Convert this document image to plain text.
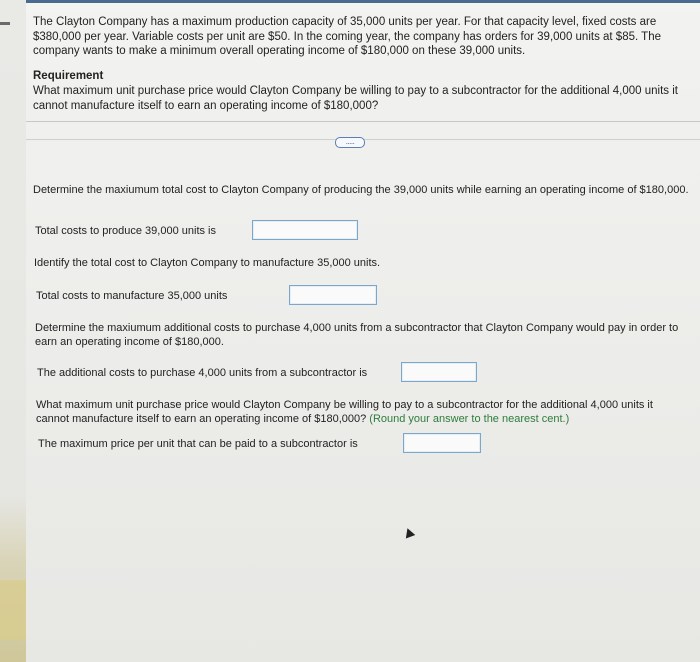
The Clayton Company has a maximum production capacity of 35,000 units per year. For that capacity level, fixed costs are $380,000 per year. Variable costs per unit are $50. In the coming year, the company has orders for 39,000 units at $85. The company wants to make a minimum overall operating income of $180,000 on these 39,000 units.
Requirement
What maximum unit purchase price would Clayton Company be willing to pay to a subcontractor for the additional 4,000 units it cannot manufacture itself to earn an operating income of $180,000?
.....
Determine the maxiumum total cost to Clayton Company of producing the 39,000 units while earning an operating income of $180,000.
Total costs to produce 39,000 units is
Identify the total cost to Clayton Company to manufacture 35,000 units.
Total costs to manufacture 35,000 units
Determine the maxiumum additional costs to purchase 4,000 units from a subcontractor that Clayton Company would pay in order to earn an operating income of $180,000.
The additional costs to purchase 4,000 units from a subcontractor is
What maximum unit purchase price would Clayton Company be willing to pay to a subcontractor for the additional 4,000 units it cannot manufacture itself to earn an operating income of $180,000? (Round your answer to the nearest cent.)
The maximum price per unit that can be paid to a subcontractor is
